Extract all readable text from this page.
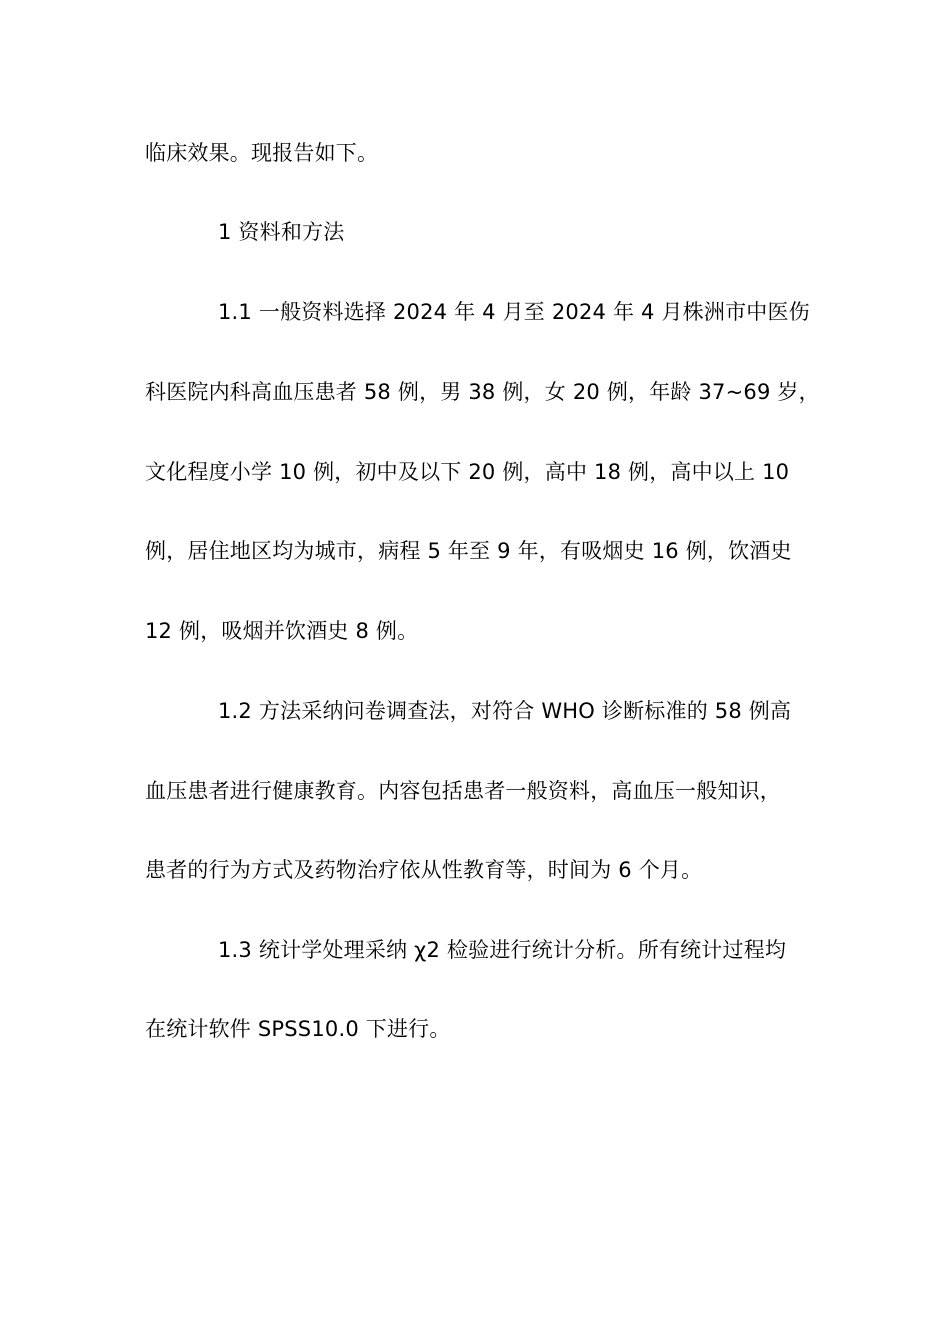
临床效果。现报告如下。
1 资料和方法
1.1 一般资料选择 2024 年 4 月至 2024 年 4 月株洲市中医伤
科医院内科高血压患者 58 例，男 38 例，女 20 例，年龄 37~69 岁，
文化程度小学 10 例，初中及以下 20 例，高中 18 例，高中以上 10
例，居住地区均为城市，病程 5 年至 9 年，有吸烟史 16 例，饮酒史
12 例，吸烟并饮酒史 8 例。
1.2 方法采纳问卷调查法，对符合 WHO 诊断标准的 58 例高
血压患者进行健康教育。内容包括患者一般资料，高血压一般知识，
患者的行为方式及药物治疗依从性教育等，时间为 6 个月。
1.3 统计学处理采纳 χ2 检验进行统计分析。所有统计过程均
在统计软件 SPSS10.0 下进行。
